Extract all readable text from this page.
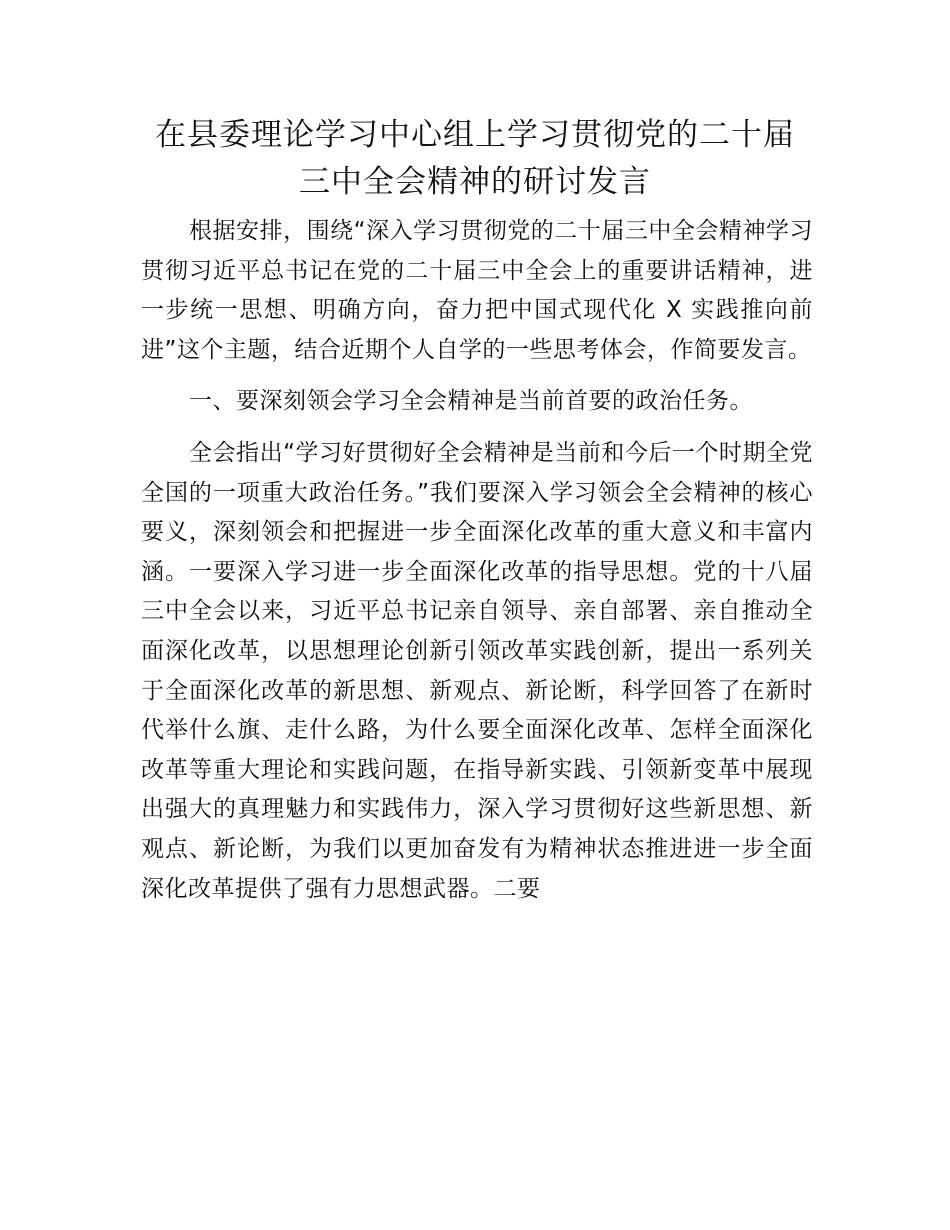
在县委理论学习中心组上学习贯彻党的二十届
三中全会精神的研讨发言

根据安排，围绕“深入学习贯彻党的二十届三中全会精神学习贯彻习近平总书记在党的二十届三中全会上的重要讲话精神，进一步统一思想、明确方向，奋力把中国式现代化 X 实践推向前进”这个主题，结合近期个人自学的一些思考体会，作简要发言。

一、要深刻领会学习全会精神是当前首要的政治任务。

全会指出“学习好贯彻好全会精神是当前和今后一个时期全党全国的一项重大政治任务。”我们要深入学习领会全会精神的核心要义，深刻领会和把握进一步全面深化改革的重大意义和丰富内涵。一要深入学习进一步全面深化改革的指导思想。党的十八届三中全会以来，习近平总书记亲自领导、亲自部署、亲自推动全面深化改革，以思想理论创新引领改革实践创新，提出一系列关于全面深化改革的新思想、新观点、新论断，科学回答了在新时代举什么旗、走什么路，为什么要全面深化改革、怎样全面深化改革等重大理论和实践问题，在指导新实践、引领新变革中展现出强大的真理魅力和实践伟力，深入学习贯彻好这些新思想、新观点、新论断，为我们以更加奋发有为精神状态推进进一步全面深化改革提供了强有力思想武器。二要
